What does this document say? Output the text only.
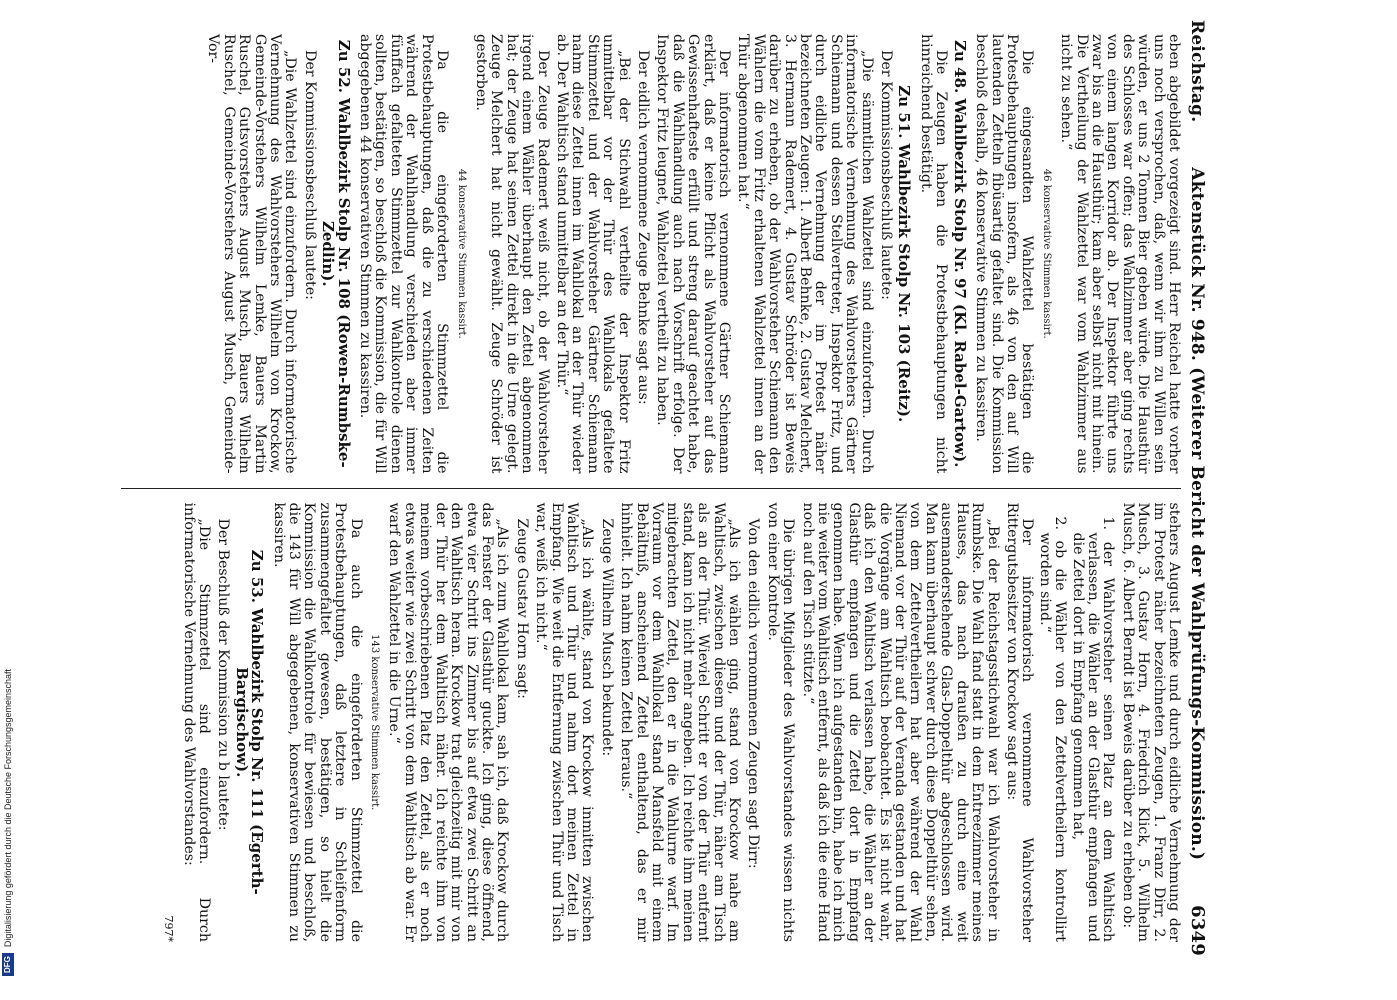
DFG
Digitalisierung gefördert durch die Deutsche Forschungsgemeinschaft
Reichstag.
Aktenstück Nr. 948. (Weiterer Bericht der Wahlprüfungs-Kommission.)
6349

eben abgebildet vorgezeigt sind. Herr Reichel hatte vorher uns noch versprochen, daß, wenn wir ihm zu Willen sein würden, er uns 2 Tonnen Bier geben würde. Die Hausthür des Schlosses war offen; das Wahlzimmer aber ging rechts von einem langen Korridor ab. Der Inspektor führte uns zwar bis an die Hausthür; kam aber selbst nicht mit hinein. Die Vertheilung der Wahlzettel war vom Wahlzimmer aus nicht zu sehen.“

46 konservative Stimmen kassirt.

Die eingesandten Wahlzettel bestätigen die Protestbehauptungen insofern, als 46 von den auf Will lautenden Zetteln fibüsartig gefaltet sind. Die Kommission beschloß deshalb, 46 konservative Stimmen zu kassiren.

Zu 48. Wahlbezirk Stolp Nr. 97 (Kl. Rabel-Gartow).

Die Zeugen haben die Protestbehauptungen nicht hinreichend bestätigt.

Zu 51. Wahlbezirk Stolp Nr. 103 (Reitz).

Der Kommissionsbeschluß lautete:

„Die sämmtlichen Wahlzettel sind einzufordern. Durch informatorische Vernehmung des Wahlvorstehers Gärtner Schiemann und dessen Stellvertreter, Inspektor Fritz, und durch eidliche Vernehmung der im Protest näher bezeichneten Zeugen: 1. Albert Behnke, 2. Gustav Melchert, 3. Hermann Rademert, 4. Gustav Schröder ist Beweis darüber zu erheben, ob der Wahlvorsteher Schiemann den Wählern die vom Fritz erhaltenen Wahlzettel innen an der Thür abgenommen hat.“

Der informatorisch vernommene Gärtner Schiemann erklärt, daß er keine Pflicht als Wahlvorsteher auf das Gewissenhafteste erfüllt und streng darauf geachtet habe, daß die Wahlhandlung auch nach Vorschrift erfolge. Der Inspektor Fritz leugnet, Wahlzettel vertheilt zu haben.

Der eidlich vernommene Zeuge Behnke sagt aus:

„Bei der Stichwahl vertheilte der Inspektor Fritz unmittelbar vor der Thür des Wahllokals gefaltete Stimmzettel und der Wahlvorsteher Gärtner Schiemann nahm diese Zettel innen im Wahllokal an der Thür wieder ab. Der Wahltisch stand unmittelbar an der Thür.“

Der Zeuge Rademert weiß nicht, ob der Wahlvorsteher irgend einem Wähler überhaupt den Zettel abgenommen hat; der Zeuge hat seinen Zettel direkt in die Urne gelegt. Zeuge Melchert hat nicht gewählt. Zeuge Schröder ist gestorben.

44 konservative Stimmen kassirt.

Da die eingeforderten Stimmzettel die Protestbehauptungen, daß die zu verschiedenen Zeiten während der Wahlhandlung verschieden aber immer fünffach gefalteten Stimmzettel zur Wahlkontrole dienen sollten, bestätigen, so beschloß die Kommission, die für Will abgegebenen 44 konservativen Stimmen zu kassiren.

Zu 52. Wahlbezirk Stolp Nr. 108 (Rowen-Rumbske-Zedlin).

Der Kommissionsbeschluß lautete:

„Die Wahlzettel sind einzufordern. Durch informatorische Vernehmung des Wahlvorstehers Wilhelm von Krockow, Gemeinde-Vorstehers Wilhelm Lemke, Bauers Martin Ruschel, Gutsvorstehers August Musch, Bauers Wilhelm Ruschel, Gemeinde-Vorstehers August Musch, Gemeinde-Vor-

stehers August Lemke und durch eidliche Vernehmung der im Protest näher bezeichneten Zeugen, 1. Franz Dirr, 2. Musch, 3. Gustav Horn, 4. Friedrich Klick, 5. Wilhelm Musch, 6. Albert Berndt ist Beweis darüber zu erheben ob:

1. der Wahlvorsteher seinen Platz an dem Wahltisch verlassen, die Wähler an der Glasthür empfangen und die Zettel dort in Empfang genommen hat,
2. ob die Wähler von den Zettelvertheilern kontrollirt worden sind.“

Der informatorisch vernommene Wahlvorsteher Rittergutsbesitzer von Krockow sagt aus:

„Bei der Reichstagsstichwahl war ich Wahlvorsteher in Rumbske. Die Wahl fand statt in dem Entreezimmer meines Hauses, das nach draußen zu durch eine weit ausemanderstehende Glas-Doppelthür abgeschlossen wird. Man kann überhaupt schwer durch diese Doppelthür sehen, von dem Zettelvertheilern hat aber während der Wahl Niemand vor der Thür auf der Veranda gestanden und hat die Vorgänge am Wahltisch beobachtet. Es ist nicht wahr, daß ich den Wahltisch verlassen habe, die Wähler an der Glasthür empfangen und die Zettel dort in Empfang genommen habe. Wenn ich aufgestanden bin, habe ich mich nie weiter vom Wahltisch entfernt, als daß ich die eine Hand noch auf den Tisch stützte.“

Die übrigen Mitglieder des Wahlvorstandes wissen nichts von einer Kontrole.

Von den eidlich vernommenen Zeugen sagt Dirr:

„Als ich wählen ging, stand von Krockow nahe am Wahltisch, zwischen diesem und der Thür, näher am Tisch als an der Thür. Wieviel Schritt er von der Thür entfernt stand, kann ich nicht mehr angeben. Ich reichte ihm meinen mitgebrachten Zettel, den er in die Wahlurne warf. Im Vorraum vor dem Wahllokal stand Mansfeld mit einem Behältniß, anscheinend Zettel enthaltend, das er mir hinhielt. Ich nahm keinen Zettel heraus.“

Zeuge Wilhelm Musch bekundet:

„Als ich wählte, stand von Krockow inmitten zwischen Wahltisch und Thür und nahm dort meinen Zettel in Empfang. Wie weit die Entfernung zwischen Thür und Tisch war, weiß ich nicht.“

Zeuge Gustav Horn sagt:

„Als ich zum Wahllokal kam, sah ich, daß Krockow durch das Fenster der Glasthür guckte. Ich ging, diese öffnend, etwa vier Schritt ins Zimmer bis auf etwa zwei Schritt an den Wahltisch heran. Krockow trat gleichzeitig mit mir von der Thür her dem Wahltisch näher. Ich reichte ihm von meinem vorbeschriebenen Platz den Zettel, als er noch etwas weiter wie zwei Schritt von dem Wahltisch ab war. Er warf den Wahlzettel in die Urne.“

143 konservative Stimmen kassirt.

Da auch die eingeforderten Stimmzettel die Protestbehauptungen, daß letztere in Schleifenform zusammengefaltet gewesen, bestätigen, so hielt die Kommission die Wahlkontrole für bewiesen und beschloß, die 143 für Will abgegebenen, konservativen Stimmen zu kassiren.

Zu 53. Wahlbezirk Stolp Nr. 111 (Egerth-Bargischow).

Der Beschluß der Kommission zu b lautete:

„Die Stimmzettel sind einzufordern. Durch informatorische Vernehmung des Wahlvorstandes:

797*
